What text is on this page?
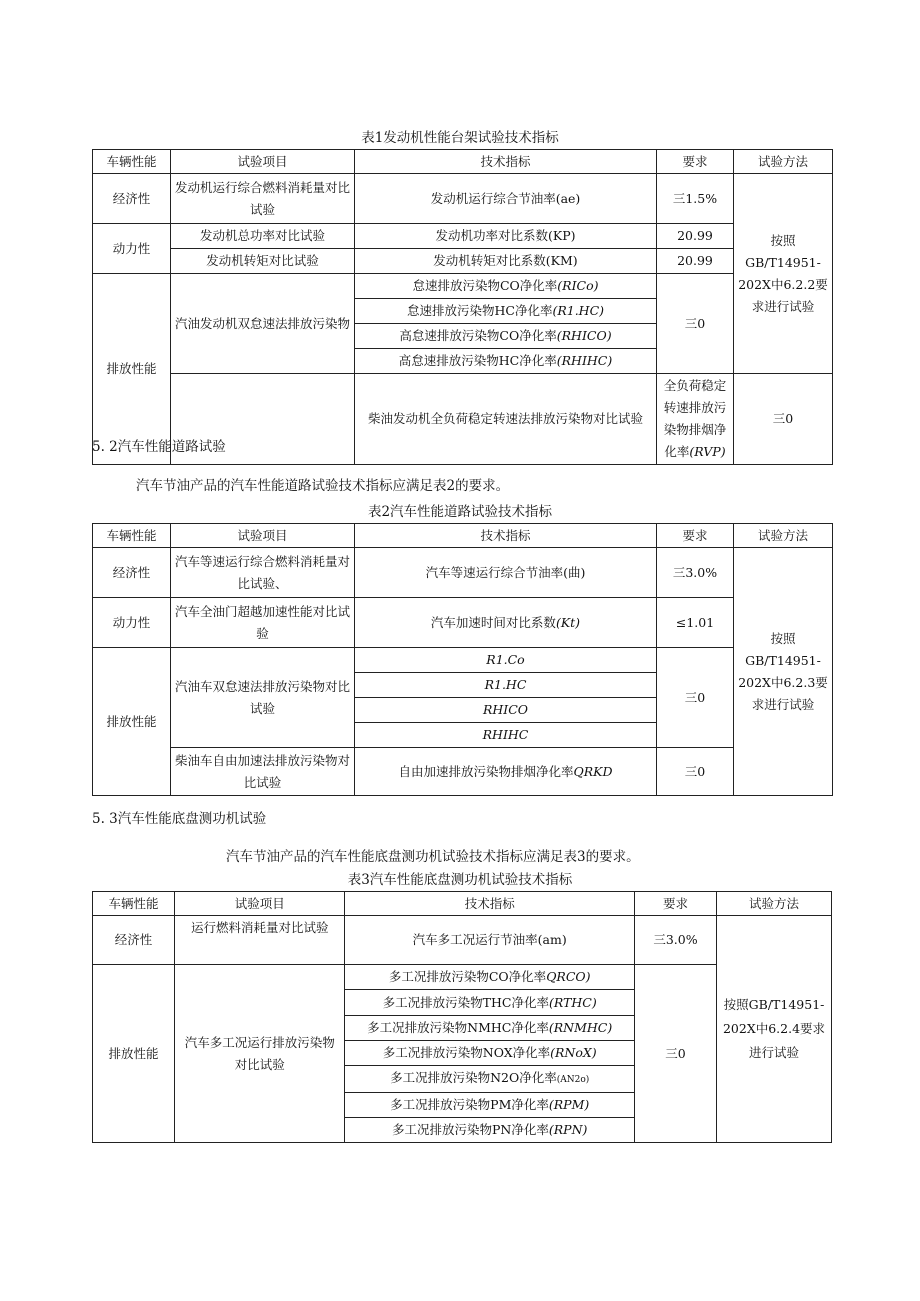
表1发动机性能台架试验技术指标
车辆性能	试验项目	技术指标	要求	试验方法	
经济性	发动机运行综合燃料消耗量对比试验	发动机运行综合节油率(ae)	三1.5%	按照GB/T14951-202X中6.2.2要求进行试验	
动力性	发动机总功率对比试验	发动机功率对比系数(KP)	20.99		
	发动机转矩对比试验	发动机转矩对比系数(KM)	20.99		
排放性能	汽油发动机双怠速法排放污染物	怠速排放污染物CO净化率(RICo)	三0		
		怠速排放污染物HC净化率(R1.HC)			
		高怠速排放污染物CO净化率(RHICO)			
		高怠速排放污染物HC净化率(RHIHC)			
		柴油发动机全负荷稳定转速法排放污染物对比试验	全负荷稳定转速排放污染物排烟净化率(RVP)	三0	
5. 2汽车性能道路试验
汽车节油产品的汽车性能道路试验技术指标应满足表2的要求。
表2汽车性能道路试验技术指标
车辆性能	试验项目	技术指标	要求	试验方法
经济性	汽车等速运行综合燃料消耗量对比试验、	汽车等速运行综合节油率(曲)	三3.0%	按照GB/T14951-202X中6.2.3要求进行试验
动力性	汽车全油门超越加速性能对比试验	汽车加速时间对比系数(Kt)	≤1.01	
排放性能	汽油车双怠速法排放污染物对比试验	R1.Co	三0	
		R1.HC		
		RHICO		
		RHIHC		
	柴油车自由加速法排放污染物对比试验	自由加速排放污染物排烟净化率QRKD	三0	
5. 3汽车性能底盘测功机试验
汽车节油产品的汽车性能底盘测功机试验技术指标应满足表3的要求。
表3汽车性能底盘测功机试验技术指标
车辆性能	试验项目	技术指标	要求	试验方法
经济性	运行燃料消耗量对比试验	汽车多工况运行节油率(am)	三3.0%	按照GB/T14951-202X中6.2.4要求进行试验
排放性能	汽车多工况运行排放污染物对比试验	多工况排放污染物CO净化率QRCO)	三0	
		多工况排放污染物THC净化率(RTHC)		
		多工况排放污染物NMHC净化率(RNMHC)		
		多工况排放污染物NOX净化率(RNoX)		
		多工况排放污染物N2O净化率(AN2o)		
		多工况排放污染物PM净化率(RPM)		
		多工况排放污染物PN净化率(RPN)		
